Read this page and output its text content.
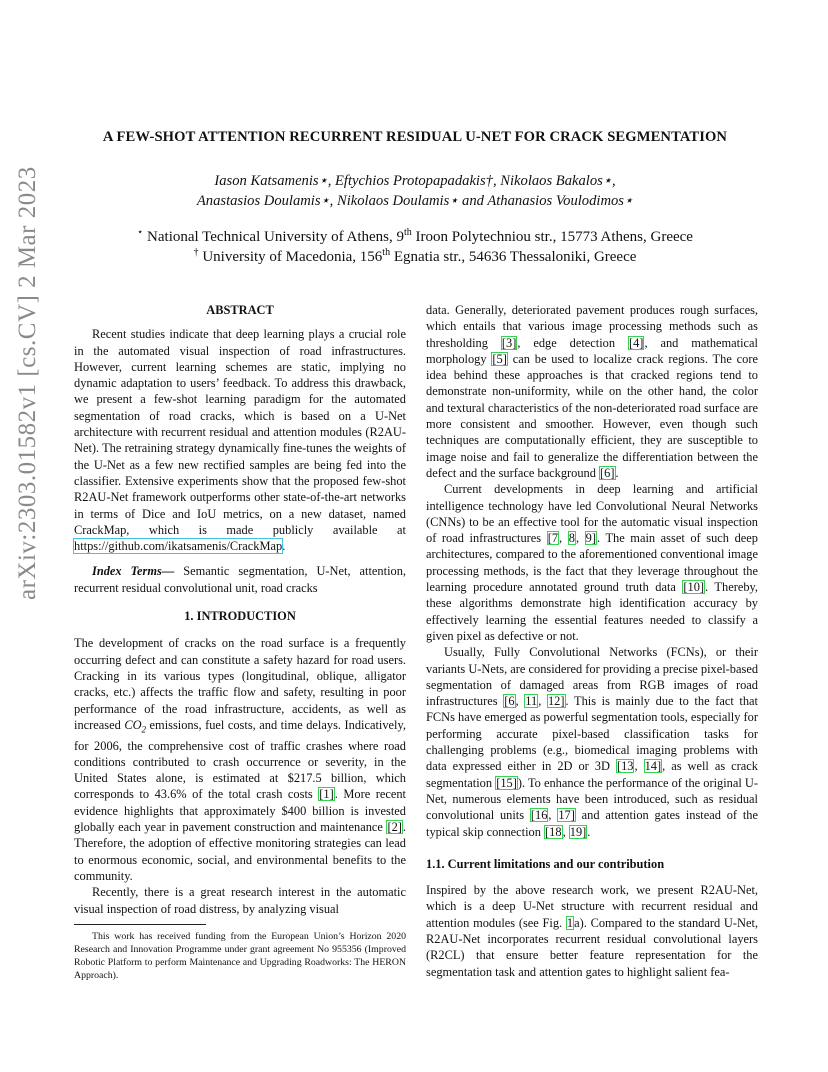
arXiv:2303.01582v1 [cs.CV] 2 Mar 2023
A FEW-SHOT ATTENTION RECURRENT RESIDUAL U-NET FOR CRACK SEGMENTATION
Iason Katsamenis⋆, Eftychios Protopapadakis†, Nikolaos Bakalos⋆,
Anastasios Doulamis⋆, Nikolaos Doulamis⋆ and Athanasios Voulodimos⋆
⋆ National Technical University of Athens, 9th Iroon Polytechniou str., 15773 Athens, Greece
† University of Macedonia, 156th Egnatia str., 54636 Thessaloniki, Greece
ABSTRACT

Recent studies indicate that deep learning plays a crucial role in the automated visual inspection of road infrastructures. However, current learning schemes are static, implying no dynamic adaptation to users’ feedback. To address this drawback, we present a few-shot learning paradigm for the automated segmentation of road cracks, which is based on a U-Net architecture with recurrent residual and attention modules (R2AU-Net). The retraining strategy dynamically fine-tunes the weights of the U-Net as a few new rectified samples are being fed into the classifier. Extensive experiments show that the proposed few-shot R2AU-Net framework outperforms other state-of-the-art networks in terms of Dice and IoU metrics, on a new dataset, named CrackMap, which is made publicly available at https://github.com/ikatsamenis/CrackMap.

Index Terms— Semantic segmentation, U-Net, attention, recurrent residual convolutional unit, road cracks

1. INTRODUCTION

The development of cracks on the road surface is a frequently occurring defect and can constitute a safety hazard for road users. Cracking in its various types (longitudinal, oblique, alligator cracks, etc.) affects the traffic flow and safety, resulting in poor performance of the road infrastructure, accidents, as well as increased $CO_2$ emissions, fuel costs, and time delays. Indicatively, for 2006, the comprehensive cost of traffic crashes where road conditions contributed to crash occurrence or severity, in the United States alone, is estimated at $217.5 billion, which corresponds to 43.6% of the total crash costs [1]. More recent evidence highlights that approximately $400 billion is invested globally each year in pavement construction and maintenance [2]. Therefore, the adoption of effective monitoring strategies can lead to enormous economic, social, and environmental benefits to the community.

Recently, there is a great research interest in the automatic visual inspection of road distress, by analyzing visual

This work has received funding from the European Union’s Horizon 2020 Research and Innovation Programme under grant agreement No 955356 (Improved Robotic Platform to perform Maintenance and Upgrading Roadworks: The HERON Approach).

data. Generally, deteriorated pavement produces rough surfaces, which entails that various image processing methods such as thresholding [3], edge detection [4], and mathematical morphology [5] can be used to localize crack regions. The core idea behind these approaches is that cracked regions tend to demonstrate non-uniformity, while on the other hand, the color and textural characteristics of the non-deteriorated road surface are more consistent and smoother. However, even though such techniques are computationally efficient, they are susceptible to image noise and fail to generalize the differentiation between the defect and the surface background [6].

Current developments in deep learning and artificial intelligence technology have led Convolutional Neural Networks (CNNs) to be an effective tool for the automatic visual inspection of road infrastructures [7, 8, 9]. The main asset of such deep architectures, compared to the aforementioned conventional image processing methods, is the fact that they leverage throughout the learning procedure annotated ground truth data [10]. Thereby, these algorithms demonstrate high identification accuracy by effectively learning the essential features needed to classify a given pixel as defective or not.

Usually, Fully Convolutional Networks (FCNs), or their variants U-Nets, are considered for providing a precise pixel-based segmentation of damaged areas from RGB images of road infrastructures [6, 11, 12]. This is mainly due to the fact that FCNs have emerged as powerful segmentation tools, especially for performing accurate pixel-based classification tasks for challenging problems (e.g., biomedical imaging problems with data expressed either in 2D or 3D [13, 14], as well as crack segmentation [15]). To enhance the performance of the original U-Net, numerous elements have been introduced, such as residual convolutional units [16, 17] and attention gates instead of the typical skip connection [18, 19].

1.1. Current limitations and our contribution

Inspired by the above research work, we present R2AU-Net, which is a deep U-Net structure with recurrent residual and attention modules (see Fig. 1a). Compared to the standard U-Net, R2AU-Net incorporates recurrent residual convolutional layers (R2CL) that ensure better feature representation for the segmentation task and attention gates to highlight salient fea-
